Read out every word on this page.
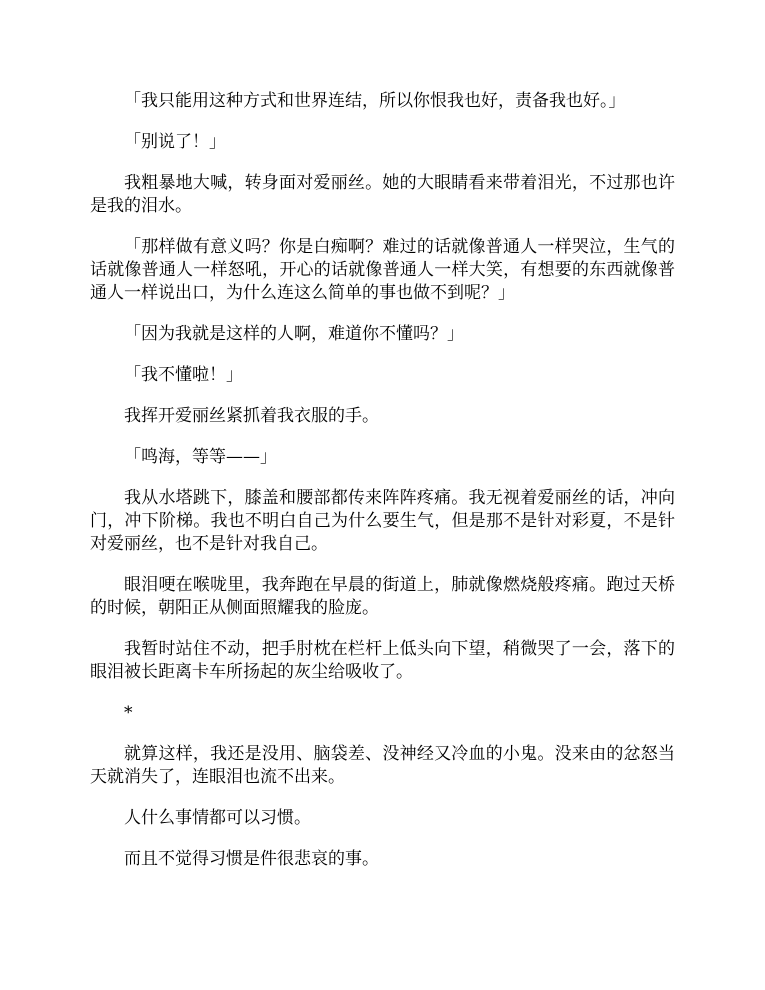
「我只能用这种方式和世界连结，所以你恨我也好，责备我也好。」

「别说了！」

我粗暴地大喊，转身面对爱丽丝。她的大眼睛看来带着泪光，不过那也许是我的泪水。

「那样做有意义吗？你是白痴啊？难过的话就像普通人一样哭泣，生气的话就像普通人一样怒吼，开心的话就像普通人一样大笑，有想要的东西就像普通人一样说出口，为什么连这么简单的事也做不到呢？」

「因为我就是这样的人啊，难道你不懂吗？」

「我不懂啦！」

我挥开爱丽丝紧抓着我衣服的手。

「鸣海，等等——」

我从水塔跳下，膝盖和腰部都传来阵阵疼痛。我无视着爱丽丝的话，冲向门，冲下阶梯。我也不明白自己为什么要生气，但是那不是针对彩夏，不是针对爱丽丝，也不是针对我自己。

眼泪哽在喉咙里，我奔跑在早晨的街道上，肺就像燃烧般疼痛。跑过天桥的时候，朝阳正从侧面照耀我的脸庞。

我暂时站住不动，把手肘枕在栏杆上低头向下望，稍微哭了一会，落下的眼泪被长距离卡车所扬起的灰尘给吸收了。

*

就算这样，我还是没用、脑袋差、没神经又冷血的小鬼。没来由的忿怒当天就消失了，连眼泪也流不出来。

人什么事情都可以习惯。

而且不觉得习惯是件很悲哀的事。
